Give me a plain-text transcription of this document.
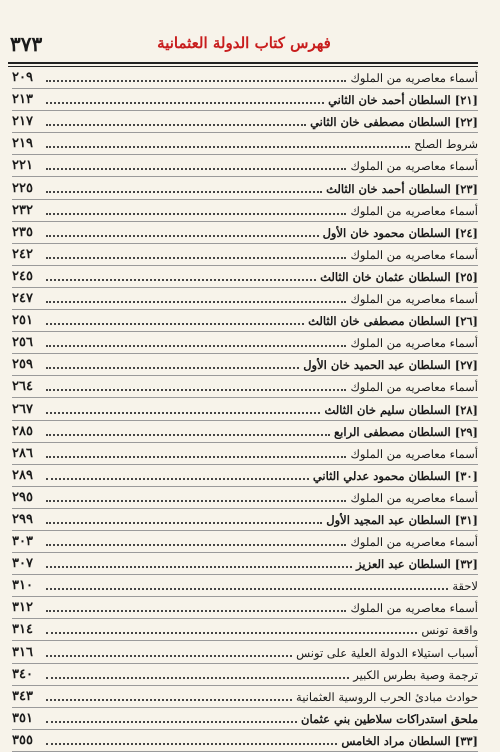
٣٧٣	فهرس كتاب الدولة العثمانية
أسماء معاصريه من الملوك
٢٠٩
[٢١] السلطان أحمد خان الثاني
٢١٣
[٢٢] السلطان مصطفى خان الثاني
٢١٧
شروط الصلح
٢١٩
أسماء معاصريه من الملوك
٢٢١
[٢٣] السلطان أحمد خان الثالث
٢٢٥
أسماء معاصريه من الملوك
٢٣٢
[٢٤] السلطان محمود خان الأول
٢٣٥
أسماء معاصريه من الملوك
٢٤٢
[٢٥] السلطان عثمان خان الثالث
٢٤٥
أسماء معاصريه من الملوك
٢٤٧
[٢٦] السلطان مصطفى خان الثالث
٢٥١
أسماء معاصريه من الملوك
٢٥٦
[٢٧] السلطان عبد الحميد خان الأول
٢٥٩
أسماء معاصريه من الملوك
٢٦٤
[٢٨] السلطان سليم خان الثالث
٢٦٧
[٢٩] السلطان مصطفى الرابع
٢٨٥
أسماء معاصريه من الملوك
٢٨٦
[٣٠] السلطان محمود عدلي الثاني
٢٨٩
أسماء معاصريه من الملوك
٢٩٥
[٣١] السلطان عبد المجيد الأول
٢٩٩
أسماء معاصريه من الملوك
٣٠٣
[٣٢] السلطان عبد العزيز
٣٠٧
لاحقة
٣١٠
أسماء معاصريه من الملوك
٣١٢
واقعة تونس
٣١٤
أسباب استيلاء الدولة العلية على تونس
٣١٦
ترجمة وصية بطرس الكبير
٣٤٠
حوادث مبادئ الحرب الروسية العثمانية
٣٤٣
ملحق استدراكات سلاطين بني عثمان
٣٥١
[٣٣] السلطان مراد الخامس
٣٥٥
